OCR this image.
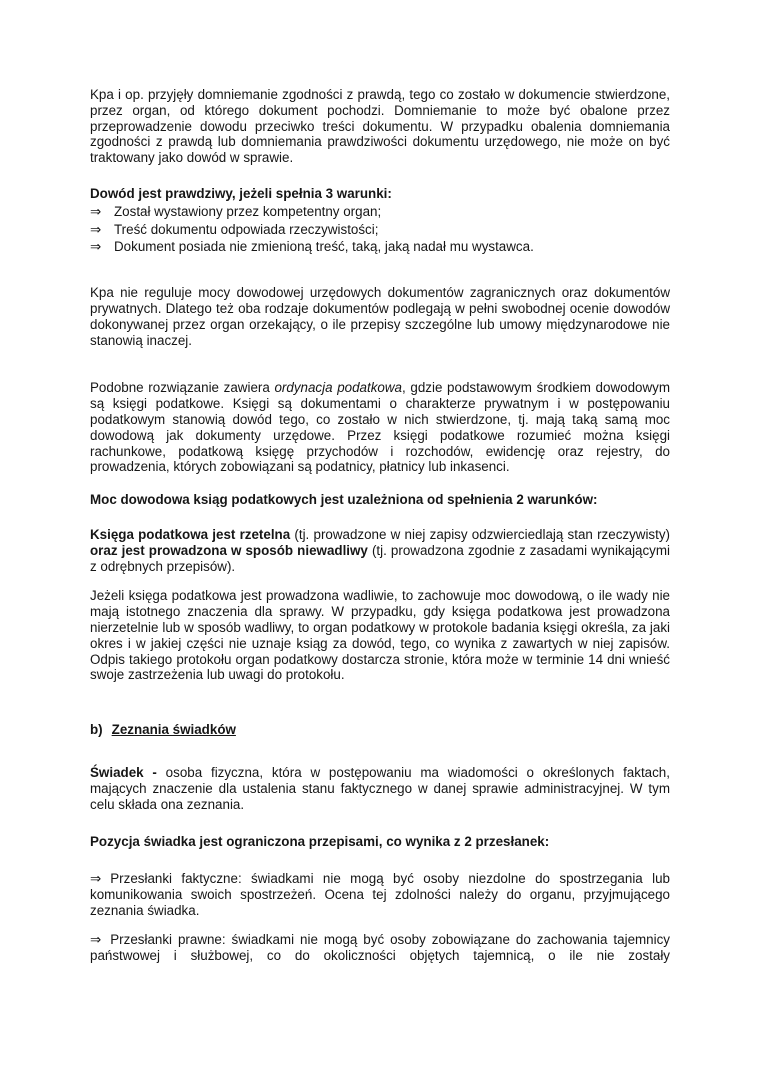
Kpa i op. przyjęły domniemanie zgodności z prawdą, tego co zostało w dokumencie stwierdzone, przez organ, od którego dokument pochodzi. Domniemanie to może być obalone przez przeprowadzenie dowodu przeciwko treści dokumentu. W przypadku obalenia domniemania zgodności z prawdą lub domniemania prawdziwości dokumentu urzędowego, nie może on być traktowany jako dowód w sprawie.

Dowód jest prawdziwy, jeżeli spełnia 3 warunki:

⇒ Został wystawiony przez kompetentny organ;
⇒ Treść dokumentu odpowiada rzeczywistości;
⇒ Dokument posiada nie zmienioną treść, taką, jaką nadał mu wystawca.

Kpa nie reguluje mocy dowodowej urzędowych dokumentów zagranicznych oraz dokumentów prywatnych. Dlatego też oba rodzaje dokumentów podlegają w pełni swobodnej ocenie dowodów dokonywanej przez organ orzekający, o ile przepisy szczególne lub umowy międzynarodowe nie stanowią inaczej.

Podobne rozwiązanie zawiera ordynacja podatkowa, gdzie podstawowym środkiem dowodowym są księgi podatkowe. Księgi są dokumentami o charakterze prywatnym i w postępowaniu podatkowym stanowią dowód tego, co zostało w nich stwierdzone, tj. mają taką samą moc dowodową jak dokumenty urzędowe. Przez księgi podatkowe rozumieć można księgi rachunkowe, podatkową księgę przychodów i rozchodów, ewidencję oraz rejestry, do prowadzenia, których zobowiązani są podatnicy, płatnicy lub inkasenci.

Moc dowodowa ksiąg podatkowych jest uzależniona od spełnienia 2 warunków:

Księga podatkowa jest rzetelna (tj. prowadzone w niej zapisy odzwierciedlają stan rzeczywisty) oraz jest prowadzona w sposób niewadliwy (tj. prowadzona zgodnie z zasadami wynikającymi z odrębnych przepisów).

Jeżeli księga podatkowa jest prowadzona wadliwie, to zachowuje moc dowodową, o ile wady nie mają istotnego znaczenia dla sprawy. W przypadku, gdy księga podatkowa jest prowadzona nierzetelnie lub w sposób wadliwy, to organ podatkowy w protokole badania księgi określa, za jaki okres i w jakiej części nie uznaje ksiąg za dowód, tego, co wynika z zawartych w niej zapisów. Odpis takiego protokołu organ podatkowy dostarcza stronie, która może w terminie 14 dni wnieść swoje zastrzeżenia lub uwagi do protokołu.

b) Zeznania świadków

Świadek - osoba fizyczna, która w postępowaniu ma wiadomości o określonych faktach, mających znaczenie dla ustalenia stanu faktycznego w danej sprawie administracyjnej. W tym celu składa ona zeznania.

Pozycja świadka jest ograniczona przepisami, co wynika z 2 przesłanek:

⇒ Przesłanki faktyczne: świadkami nie mogą być osoby niezdolne do spostrzegania lub komunikowania swoich spostrzeżeń. Ocena tej zdolności należy do organu, przyjmującego zeznania świadka.

⇒ Przesłanki prawne: świadkami nie mogą być osoby zobowiązane do zachowania tajemnicy państwowej i służbowej, co do okoliczności objętych tajemnicą, o ile nie zostały
